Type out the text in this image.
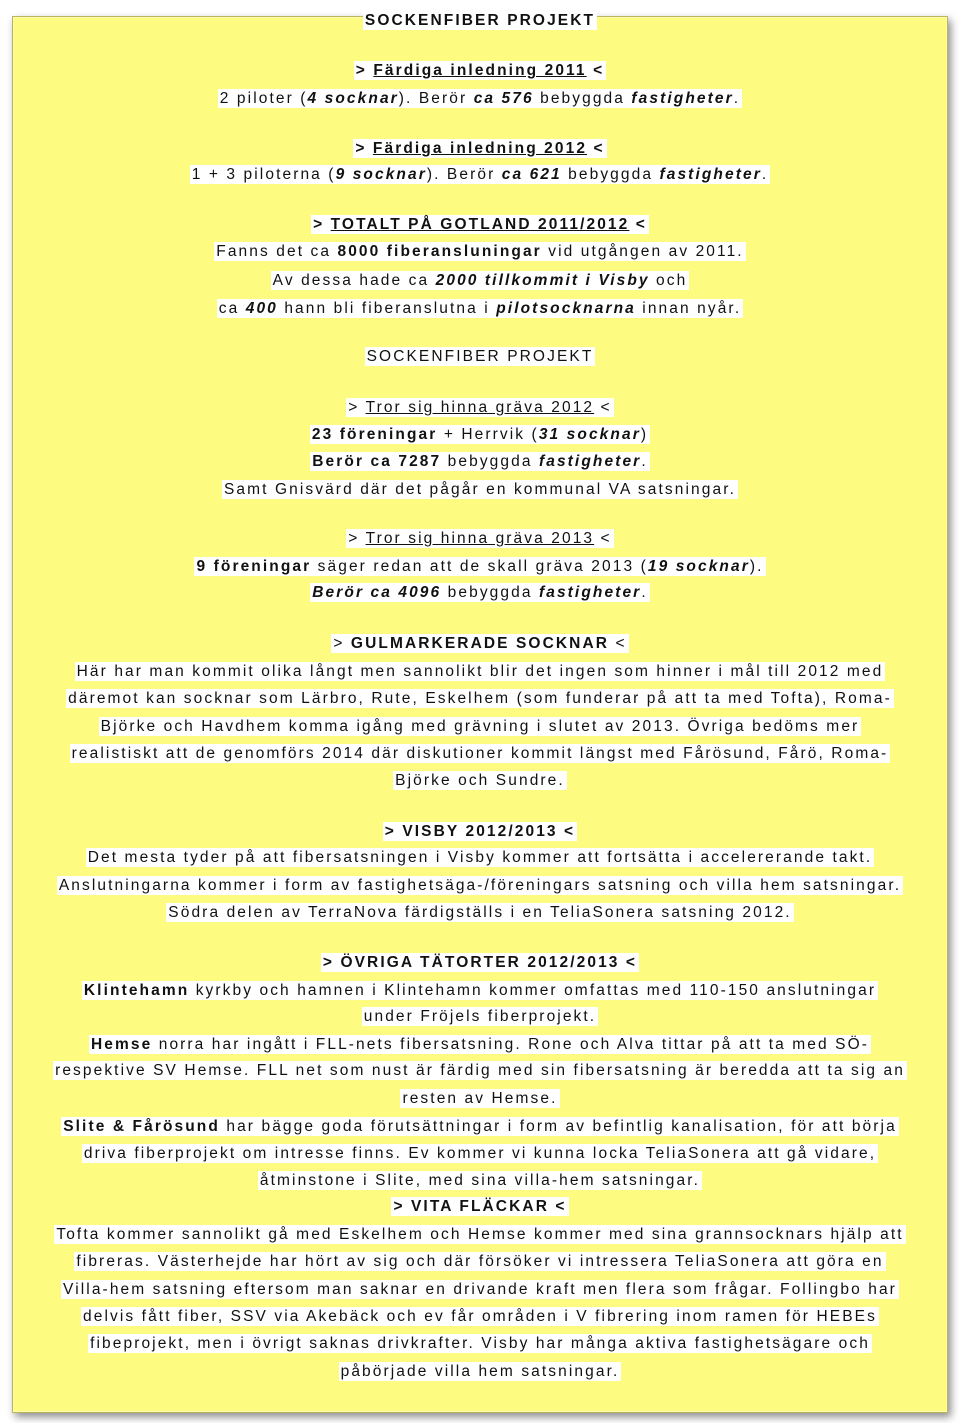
SOCKENFIBER PROJEKT
> Färdiga inledning 2011 <
2 piloter (4 socknar). Berör ca 576 bebyggda fastigheter.
> Färdiga inledning 2012 <
1 + 3 piloterna (9 socknar). Berör ca 621 bebyggda fastigheter.
> TOTALT PÅ GOTLAND 2011/2012 <
Fanns det ca 8000 fiberansluningar vid utgången av 2011.
Av dessa hade ca 2000 tillkommit i Visby och
ca 400 hann bli fiberanslutna i pilotsocknarna innan nyår.
SOCKENFIBER PROJEKT
> Tror sig hinna gräva 2012 <
23 föreningar + Herrvik (31 socknar)
Berör ca 7287 bebyggda fastigheter.
Samt Gnisvärd där det pågår en kommunal VA satsningar.
> Tror sig hinna gräva 2013 <
9 föreningar säger redan att de skall gräva 2013 (19 socknar).
Berör ca 4096 bebyggda fastigheter.
> GULMARKERADE SOCKNAR <
Här har man kommit olika långt men sannolikt blir det ingen som hinner i mål till 2012 med
däremot kan socknar som Lärbro, Rute, Eskelhem (som funderar på att ta med Tofta), Roma-
Björke och Havdhem komma igång med grävning i slutet av 2013. Övriga bedöms mer
realistiskt att de genomförs 2014 där diskutioner kommit längst med Fårösund, Fårö, Roma-
Björke och Sundre.
> VISBY 2012/2013 <
Det mesta tyder på att fibersatsningen i Visby kommer att fortsätta i accelererande takt.
Anslutningarna kommer i form av fastighetsäga-/föreningars satsning och villa hem satsningar.
Södra delen av TerraNova färdigställs i en TeliaSonera satsning 2012.
> ÖVRIGA TÄTORTER 2012/2013 <
Klintehamn kyrkby och hamnen i Klintehamn kommer omfattas med 110-150 anslutningar
under Fröjels fiberprojekt.
Hemse norra har ingått i FLL-nets fibersatsning. Rone och Alva tittar på att ta med SÖ-
respektive SV Hemse. FLL net som nust är färdig med sin fibersatsning är beredda att ta sig an
resten av Hemse.
Slite & Fårösund har bägge goda förutsättningar i form av befintlig kanalisation, för att börja
driva fiberprojekt om intresse finns. Ev kommer vi kunna locka TeliaSonera att gå vidare,
åtminstone i Slite, med sina villa-hem satsningar.
> VITA FLÄCKAR <
Tofta kommer sannolikt gå med Eskelhem och Hemse kommer med sina grannsocknars hjälp att
fibreras. Västerhejde har hört av sig och där försöker vi intressera TeliaSonera att göra en
Villa-hem satsning eftersom man saknar en drivande kraft men flera som frågar. Follingbo har
delvis fått fiber, SSV via Akebäck och ev får områden i V fibrering inom ramen för HEBEs
fibeprojekt, men i övrigt saknas drivkrafter. Visby har många aktiva fastighetsägare och
påbörjade villa hem satsningar.
